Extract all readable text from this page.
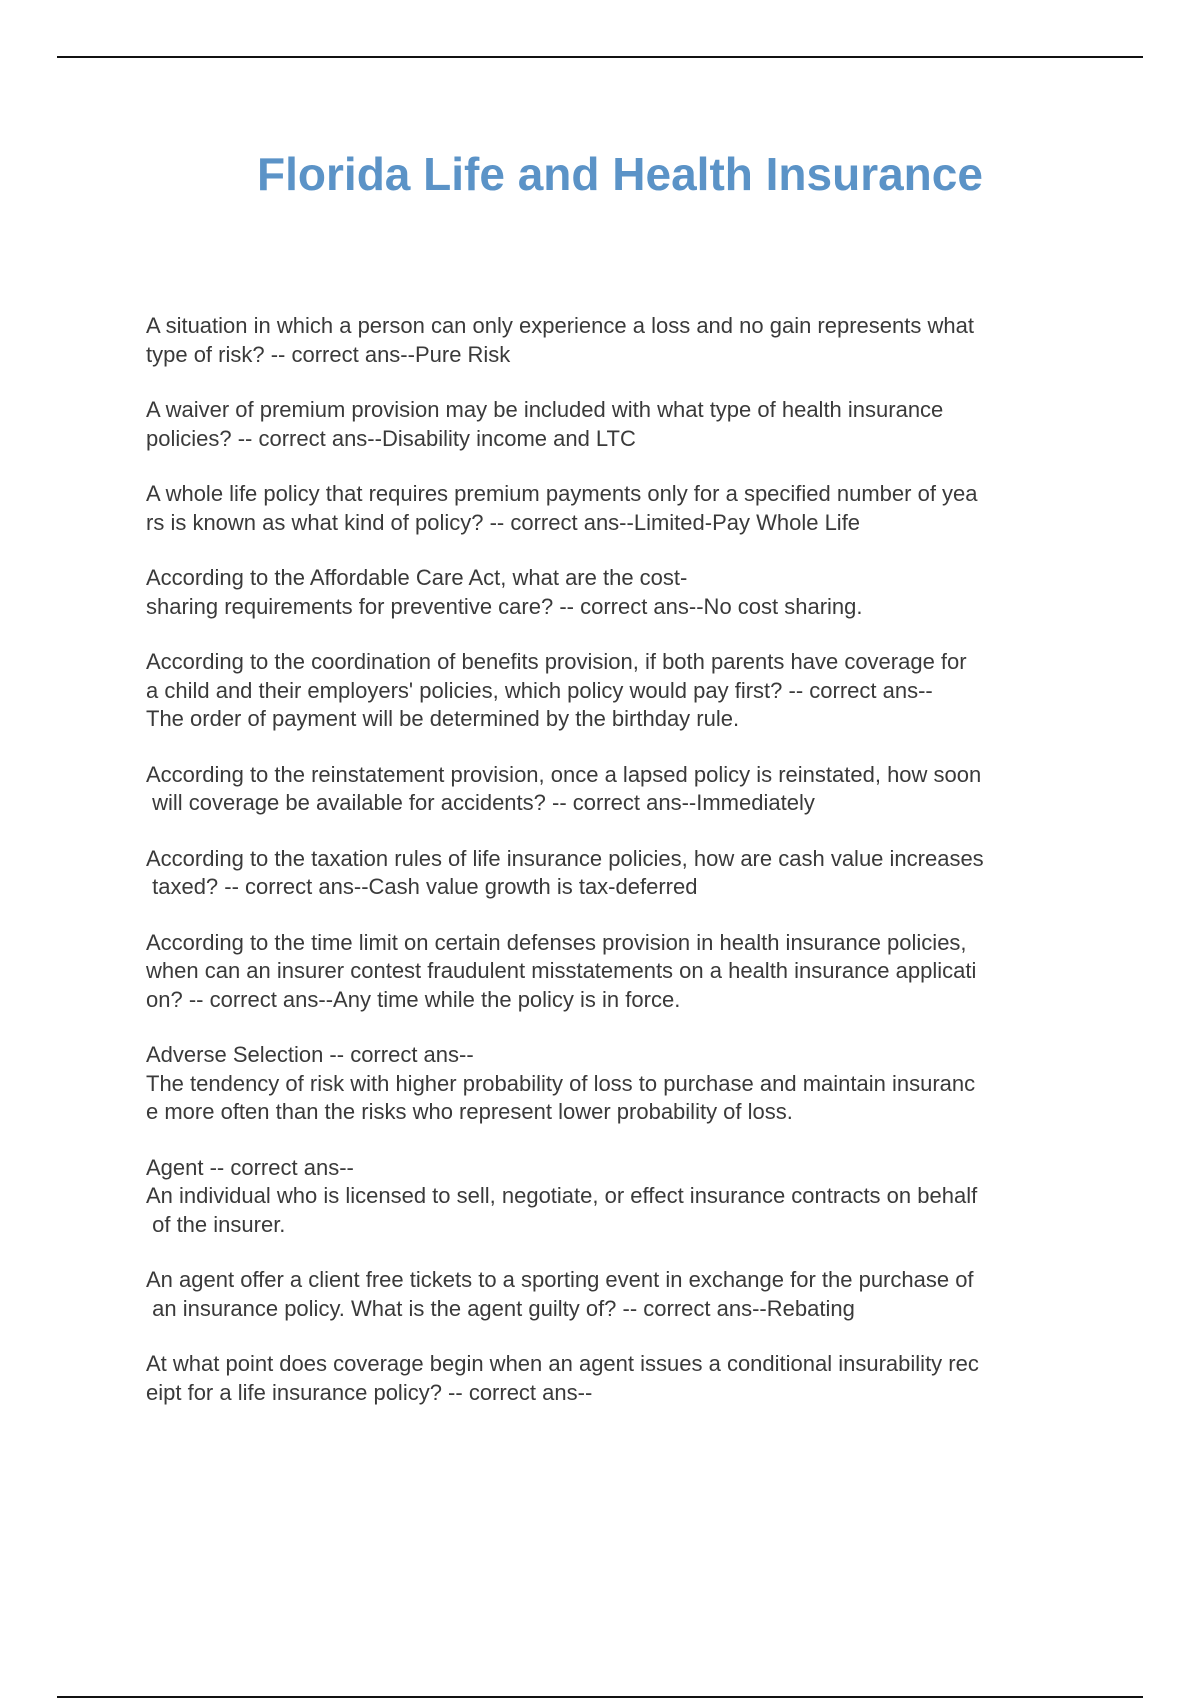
Florida Life and Health Insurance
A situation in which a person can only experience a loss and no gain represents what
type of risk? -- correct ans--Pure Risk
A waiver of premium provision may be included with what type of health insurance
policies? -- correct ans--Disability income and LTC
A whole life policy that requires premium payments only for a specified number of yea
rs is known as what kind of policy? -- correct ans--Limited-Pay Whole Life
According to the Affordable Care Act, what are the cost-
sharing requirements for preventive care? -- correct ans--No cost sharing.
According to the coordination of benefits provision, if both parents have coverage for
a child and their employers' policies, which policy would pay first? -- correct ans--
The order of payment will be determined by the birthday rule.
According to the reinstatement provision, once a lapsed policy is reinstated, how soon
will coverage be available for accidents? -- correct ans--Immediately
According to the taxation rules of life insurance policies, how are cash value increases
taxed? -- correct ans--Cash value growth is tax-deferred
According to the time limit on certain defenses provision in health insurance policies,
when can an insurer contest fraudulent misstatements on a health insurance applicati
on? -- correct ans--Any time while the policy is in force.
Adverse Selection -- correct ans--
The tendency of risk with higher probability of loss to purchase and maintain insuranc
e more often than the risks who represent lower probability of loss.
Agent -- correct ans--
An individual who is licensed to sell, negotiate, or effect insurance contracts on behalf
of the insurer.
An agent offer a client free tickets to a sporting event in exchange for the purchase of
an insurance policy. What is the agent guilty of? -- correct ans--Rebating
At what point does coverage begin when an agent issues a conditional insurability rec
eipt for a life insurance policy? -- correct ans--
